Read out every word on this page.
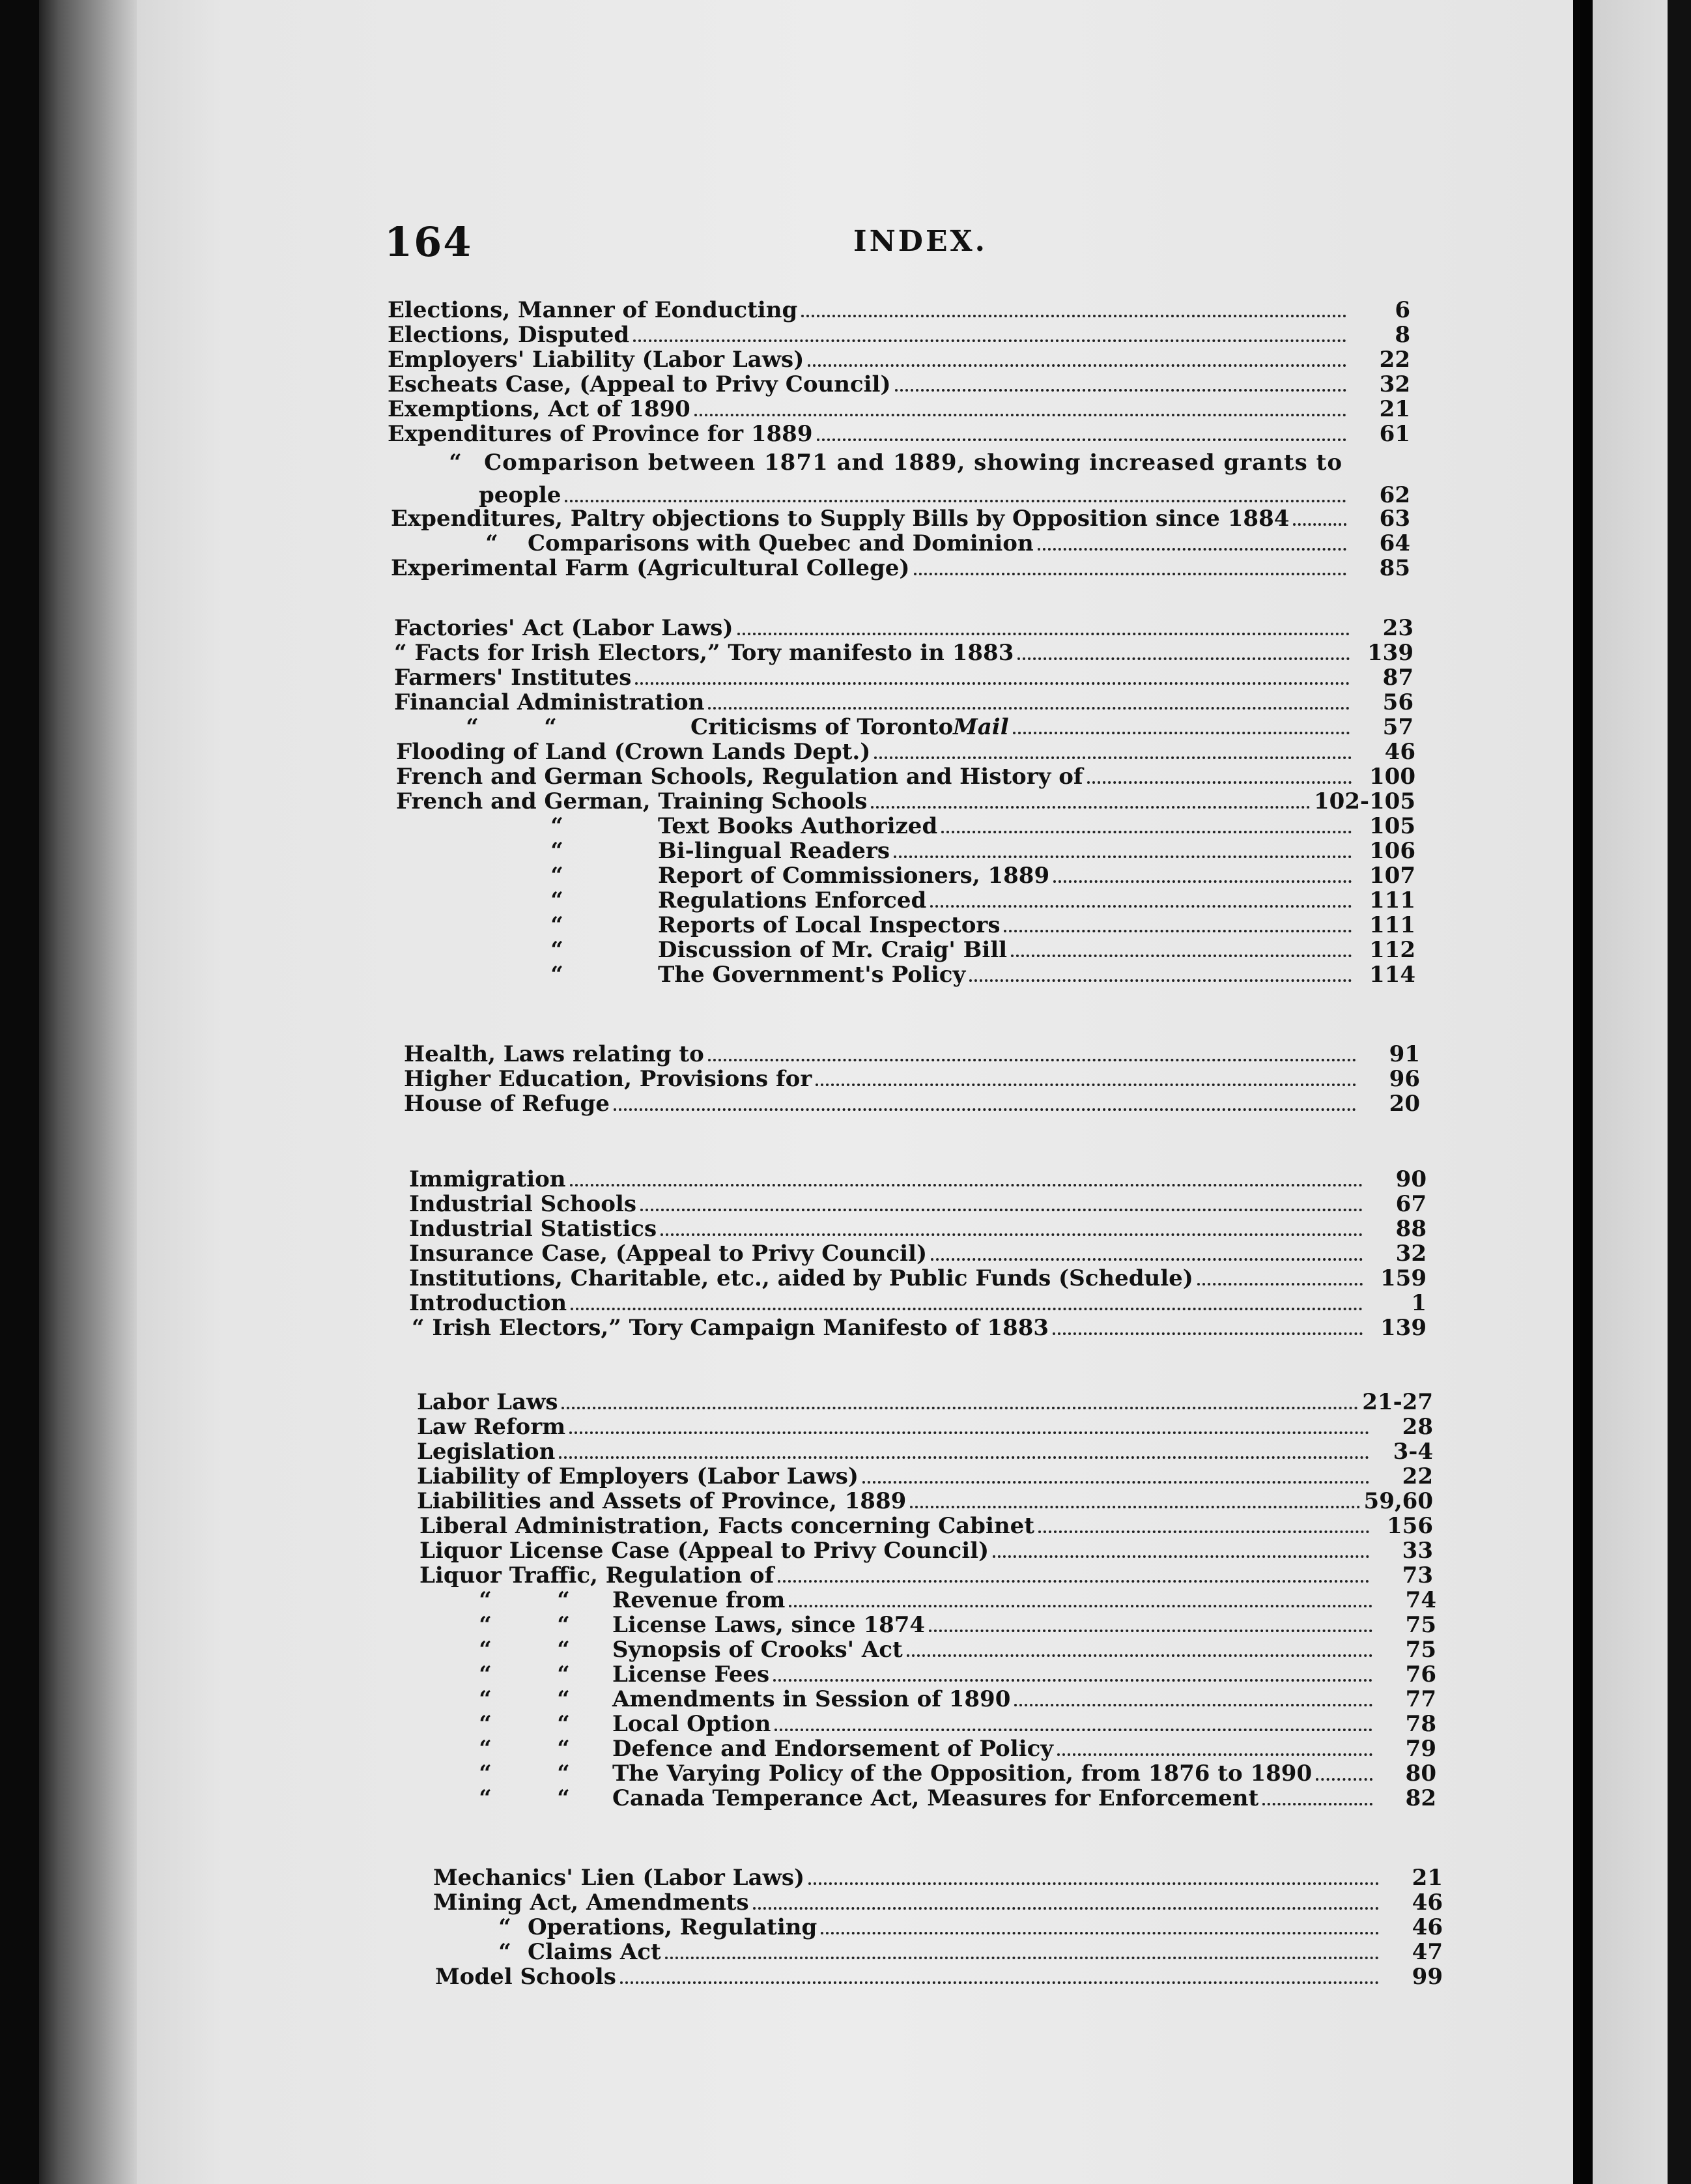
164	INDEX.
Elections, Manner of Eonducting	6
Elections, Disputed	8
Employers' Liability (Labor Laws)	22
Escheats Case, (Appeal to Privy Council)	32
Exemptions, Act of 1890	21
Expenditures of Province for 1889	61
“	Comparison between 1871 and 1889, showing increased grants to
people	62
Expenditures, Paltry objections to Supply Bills by Opposition since 1884	63
“	Comparisons with Quebec and Dominion	64
Experimental Farm (Agricultural College)	85
Factories' Act (Labor Laws)	23
“ Facts for Irish Electors,” Tory manifesto in 1883	139
Farmers' Institutes	87
Financial Administration	56
“	“	Criticisms of Toronto Mail	57
Flooding of Land (Crown Lands Dept.)	46
French and German Schools, Regulation and History of	100
French and German, Training Schools	102-105
“	Text Books Authorized	105
“	Bi-lingual Readers	106
“	Report of Commissioners, 1889	107
“	Regulations Enforced	111
“	Reports of Local Inspectors	111
“	Discussion of Mr. Craig' Bill	112
“	The Government's Policy	114
Health, Laws relating to	91
Higher Education, Provisions for	96
House of Refuge	20
Immigration	90
Industrial Schools	67
Industrial Statistics	88
Insurance Case, (Appeal to Privy Council)	32
Institutions, Charitable, etc., aided by Public Funds (Schedule)	159
Introduction	1
“ Irish Electors,” Tory Campaign Manifesto of 1883	139
Labor Laws	21-27
Law Reform	28
Legislation	3-4
Liability of Employers (Labor Laws)	22
Liabilities and Assets of Province, 1889	59,60
Liberal Administration, Facts concerning Cabinet	156
Liquor License Case (Appeal to Privy Council)	33
Liquor Traffic, Regulation of	73
“	“	Revenue from	74
“	“	License Laws, since 1874	75
“	“	Synopsis of Crooks' Act	75
“	“	License Fees	76
“	“	Amendments in Session of 1890	77
“	“	Local Option	78
“	“	Defence and Endorsement of Policy	79
“	“	The Varying Policy of the Opposition, from 1876 to 1890	80
“	“	Canada Temperance Act, Measures for Enforcement	82
Mechanics' Lien (Labor Laws)	21
Mining Act, Amendments	46
“ Operations, Regulating	46
“ Claims Act	47
Model Schools	99
